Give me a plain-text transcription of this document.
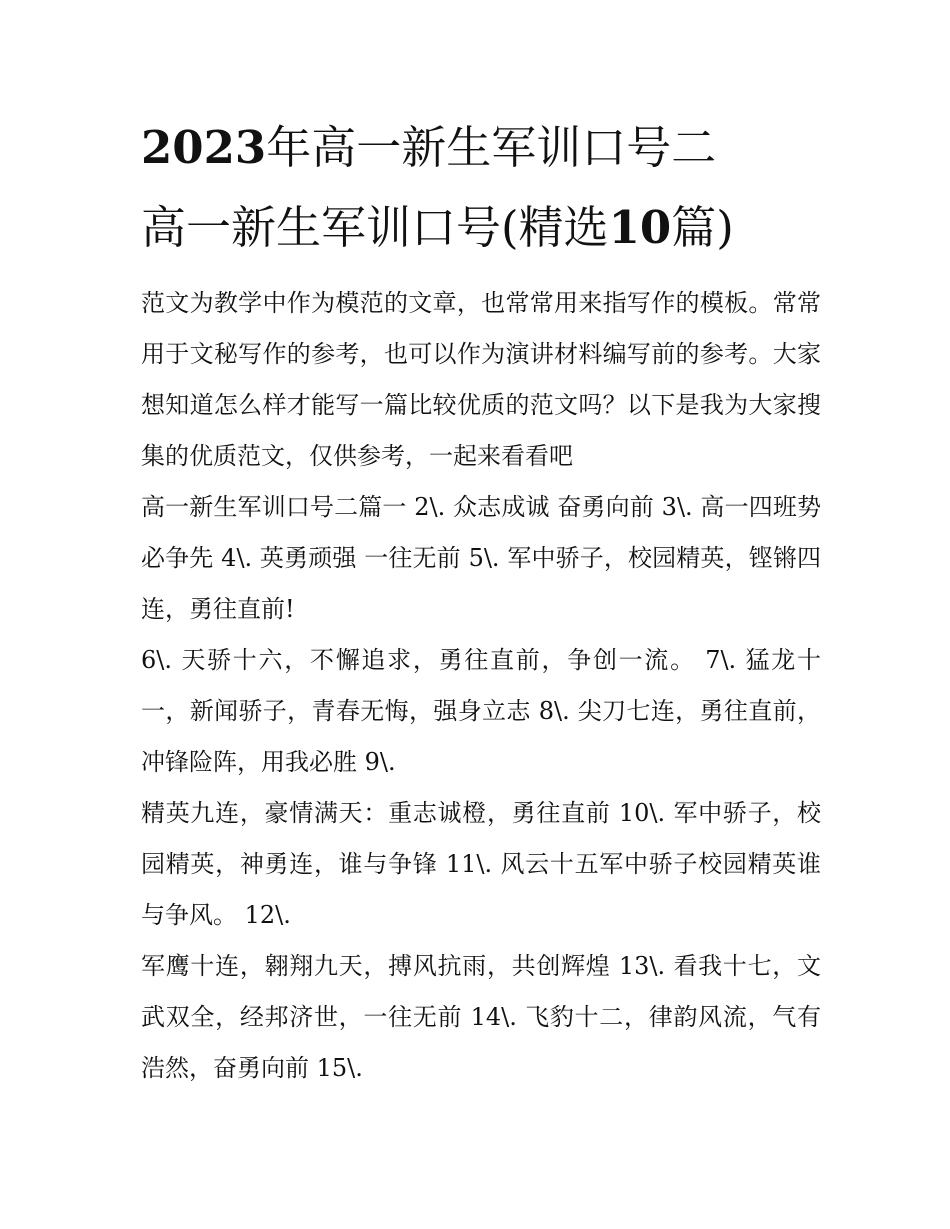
2023年高一新生军训口号二
高一新生军训口号(精选10篇)

范文为教学中作为模范的文章，也常常用来指写作的模板。常常用于文秘写作的参考，也可以作为演讲材料编写前的参考。大家想知道怎么样才能写一篇比较优质的范文吗？以下是我为大家搜集的优质范文，仅供参考，一起来看看吧

高一新生军训口号二篇一 2\. 众志成诚 奋勇向前 3\. 高一四班势必争先 4\. 英勇顽强 一往无前 5\. 军中骄子，校园精英，铿锵四连，勇往直前!

6\. 天骄十六，不懈追求，勇往直前，争创一流。 7\. 猛龙十一，新闻骄子，青春无悔，强身立志 8\. 尖刀七连，勇往直前，冲锋险阵，用我必胜 9\.

精英九连，豪情满天：重志诚橙，勇往直前 10\. 军中骄子，校园精英，神勇连，谁与争锋 11\. 风云十五军中骄子校园精英谁与争风。 12\.

军鹰十连，翱翔九天，搏风抗雨，共创辉煌 13\. 看我十七，文武双全，经邦济世，一往无前 14\. 飞豹十二，律韵风流，气有浩然，奋勇向前 15\.
